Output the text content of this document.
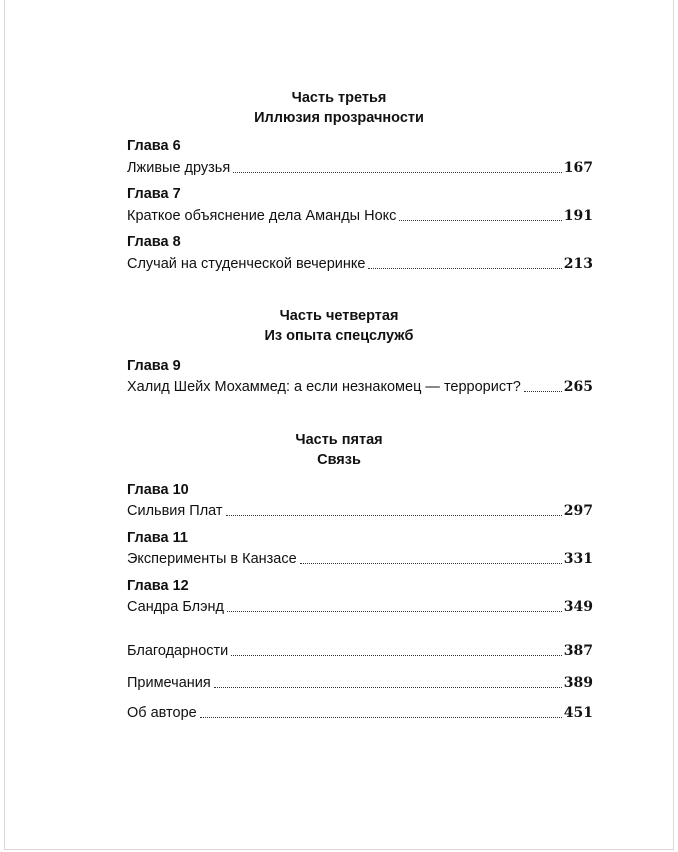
Часть третья
Иллюзия прозрачности
Глава 6
Лживые друзья	167
Глава 7
Краткое объяснение дела Аманды Нокс	191
Глава 8
Случай на студенческой вечеринке	213
Часть четвертая
Из опыта спецслужб
Глава 9
Халид Шейх Мохаммед: а если незнакомец — террорист?	265
Часть пятая
Связь
Глава 10
Сильвия Плат	297
Глава 11
Эксперименты в Канзасе	331
Глава 12
Сандра Блэнд	349
Благодарности	387
Примечания	389
Об авторе	451
